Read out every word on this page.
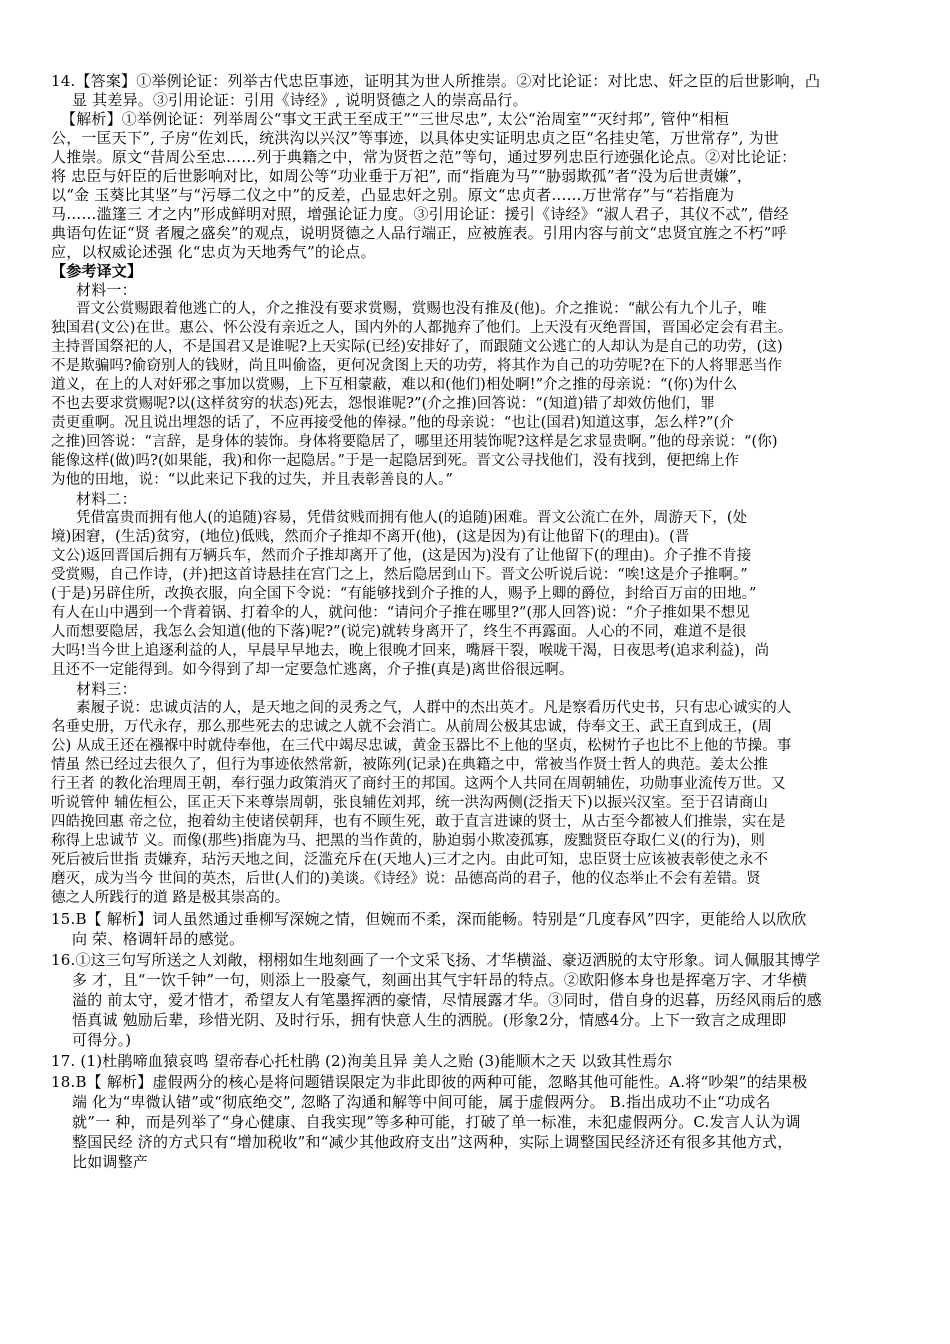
14.【答案】①举例论证：列举古代忠臣事迹，证明其为世人所推崇。②对比论证：对比忠、奸之臣的后世影响，凸
显 其差异。③引用论证：引用《诗经》, 说明贤德之人的崇高品行。
【解析】①举例论证：列举周公“事文王武王至成王”“三世尽忠”, 太公“治周室”“灭纣邦”, 管仲“相桓
公，一匡天下”, 子房“佐刘氏，统洪沟以兴汉”等事迹，以具体史实证明忠贞之臣“名挂史笔，万世常存”, 为世
人推崇。原文“昔周公至忠……列于典籍之中，常为贤哲之范”等句，通过罗列忠臣行迹强化论点。②对比论证：
将 忠臣与奸臣的后世影响对比，如周公等“功业垂于万祀”, 而“指鹿为马”“胁弱欺孤”者“没为后世责嫌”，
以“金 玉葵比其坚”与“污辱二仪之中”的反差，凸显忠奸之别。原文“忠贞者……万世常存”与“若指鹿为
马……滥篷三 才之内”形成鲜明对照，增强论证力度。③引用论证：援引《诗经》“淑人君子，其仪不忒”, 借经
典语句佐证“贤 者履之盛矣”的观点，说明贤德之人品行端正，应被旌表。引用内容与前文“忠贤宜旌之不朽”呼
应，以权威论述强 化“忠贞为天地秀气”的论点。
【参考译文】
材料一：
晋文公赏赐跟着他逃亡的人，介之推没有要求赏赐，赏赐也没有推及(他)。介之推说：“献公有九个儿子，唯
独国君(文公)在世。惠公、怀公没有亲近之人，国内外的人都抛弃了他们。上天没有灭绝晋国，晋国必定会有君主。
主持晋国祭祀的人，不是国君又是谁呢?上天实际(已经)安排好了，而跟随文公逃亡的人却认为是自己的功劳，(这)
不是欺骗吗?偷窃别人的钱财，尚且叫偷盗，更何况贪图上天的功劳，将其作为自己的功劳呢?在下的人将罪恶当作
道义，在上的人对奸邪之事加以赏赐，上下互相蒙蔽，难以和(他们)相处啊!”介之推的母亲说：“(你)为什么
不也去要求赏赐呢?以(这样贫穷的状态)死去，怨恨谁呢?”(介之推)回答说：“(知道)错了却效仿他们，罪
责更重啊。况且说出埋怨的话了，不应再接受他的俸禄。”他的母亲说：“也让(国君)知道这事，怎么样?”(介
之推)回答说：“言辞，是身体的装饰。身体将要隐居了，哪里还用装饰呢?这样是乞求显贵啊。”他的母亲说：“(你)
能像这样(做)吗?(如果能，我)和你一起隐居。”于是一起隐居到死。晋文公寻找他们，没有找到，便把绵上作
为他的田地，说：“以此来记下我的过失，并且表彰善良的人。”
材料二：
凭借富贵而拥有他人(的追随)容易，凭借贫贱而拥有他人(的追随)困难。晋文公流亡在外，周游天下，(处
境)困窘，(生活)贫穷，(地位)低贱，然而介子推却不离开(他)，(这是因为)有让他留下(的理由)。(晋
文公)返回晋国后拥有万辆兵车，然而介子推却离开了他，(这是因为)没有了让他留下(的理由)。介子推不肯接
受赏赐，自己作诗，(并)把这首诗悬挂在宫门之上，然后隐居到山下。晋文公听说后说：“唉!这是介子推啊。”
(于是)另辟住所，改换衣服，向全国下令说：“有能够找到介子推的人，赐予上卿的爵位，封给百万亩的田地。”
有人在山中遇到一个背着锅、打着伞的人，就问他：“请问介子推在哪里?”(那人回答)说：“介子推如果不想见
人而想要隐居，我怎么会知道(他的下落)呢?”(说完)就转身离开了，终生不再露面。人心的不同，难道不是很
大吗!当今世上追逐利益的人，早晨早早地去，晚上很晚才回来，嘴唇干裂，喉咙干渴，日夜思考(追求利益)，尚
且还不一定能得到。如今得到了却一定要急忙逃离，介子推(真是)离世俗很远啊。
材料三：
素履子说：忠诚贞洁的人，是天地之间的灵秀之气，人群中的杰出英才。凡是察看历代史书，只有忠心诚实的人
名垂史册，万代永存，那么那些死去的忠诚之人就不会消亡。从前周公极其忠诚，侍奉文王、武王直到成王，(周
公) 从成王还在襁褓中时就侍奉他，在三代中竭尽忠诚，黄金玉器比不上他的坚贞，松树竹子也比不上他的节操。事
情虽 然已经过去很久了，但行为事迹依然常新，被陈列(记录)在典籍之中，常被当作贤士哲人的典范。姜太公推
行王者 的教化治理周王朝，奉行强力政策消灭了商纣王的邦国。这两个人共同在周朝辅佐，功勋事业流传万世。又
听说管仲 辅佐桓公，匡正天下来尊崇周朝，张良辅佐刘邦，统一洪沟两侧(泛指天下)以振兴汉室。至于召请商山
四皓挽回惠 帝之位，抱着幼主使诸侯朝拜，也有不顾生死，敢于直言进谏的贤士，从古至今都被人们推崇，实在是
称得上忠诚节 义。而像(那些)指鹿为马、把黑的当作黄的，胁迫弱小欺凌孤寡，废黜贤臣夺取仁义(的行为)，则
死后被后世指 责嫌弃，玷污天地之间，泛滥充斥在(天地人)三才之内。由此可知，忠臣贤士应该被表彰使之永不
磨灭，成为当今 世间的英杰，后世(人们的)美谈。《诗经》说：品德高尚的君子，他的仪态举止不会有差错。贤
德之人所践行的道 路是极其崇高的。
15.B【 解析】词人虽然通过垂柳写深婉之情，但婉而不柔，深而能畅。特别是“几度春风”四字，更能给人以欣欣
向 荣、格调轩昂的感觉。
16.①这三句写所送之人刘敞，栩栩如生地刻画了一个文采飞扬、才华横溢、豪迈洒脱的太守形象。词人佩服其博学
多 才，且“一饮千钟”一句，则添上一股豪气，刻画出其气宇轩昂的特点。②欧阳修本身也是挥毫万字、才华横
溢的 前太守，爱才惜才，希望友人有笔墨挥洒的豪情，尽情展露才华。③同时，借自身的迟暮，历经风雨后的感
悟真诚 勉励后辈，珍惜光阴、及时行乐，拥有快意人生的洒脱。(形象2分，情感4分。上下一致言之成理即
可得分。)
17. (1)杜鹃啼血猿哀鸣 望帝春心托杜鹃 (2)洵美且异 美人之贻 (3)能顺木之天 以致其性焉尔
18.B【 解析】虚假两分的核心是将问题错误限定为非此即彼的两种可能，忽略其他可能性。A.将“吵架”的结果极
端 化为“卑微认错”或“彻底绝交”, 忽略了沟通和解等中间可能，属于虚假两分。 B.指出成功不止“功成名
就”一 种，而是列举了“身心健康、自我实现”等多种可能，打破了单一标准，未犯虚假两分。C.发言人认为调
整国民经 济的方式只有“增加税收”和“减少其他政府支出”这两种，实际上调整国民经济还有很多其他方式，
比如调整产
